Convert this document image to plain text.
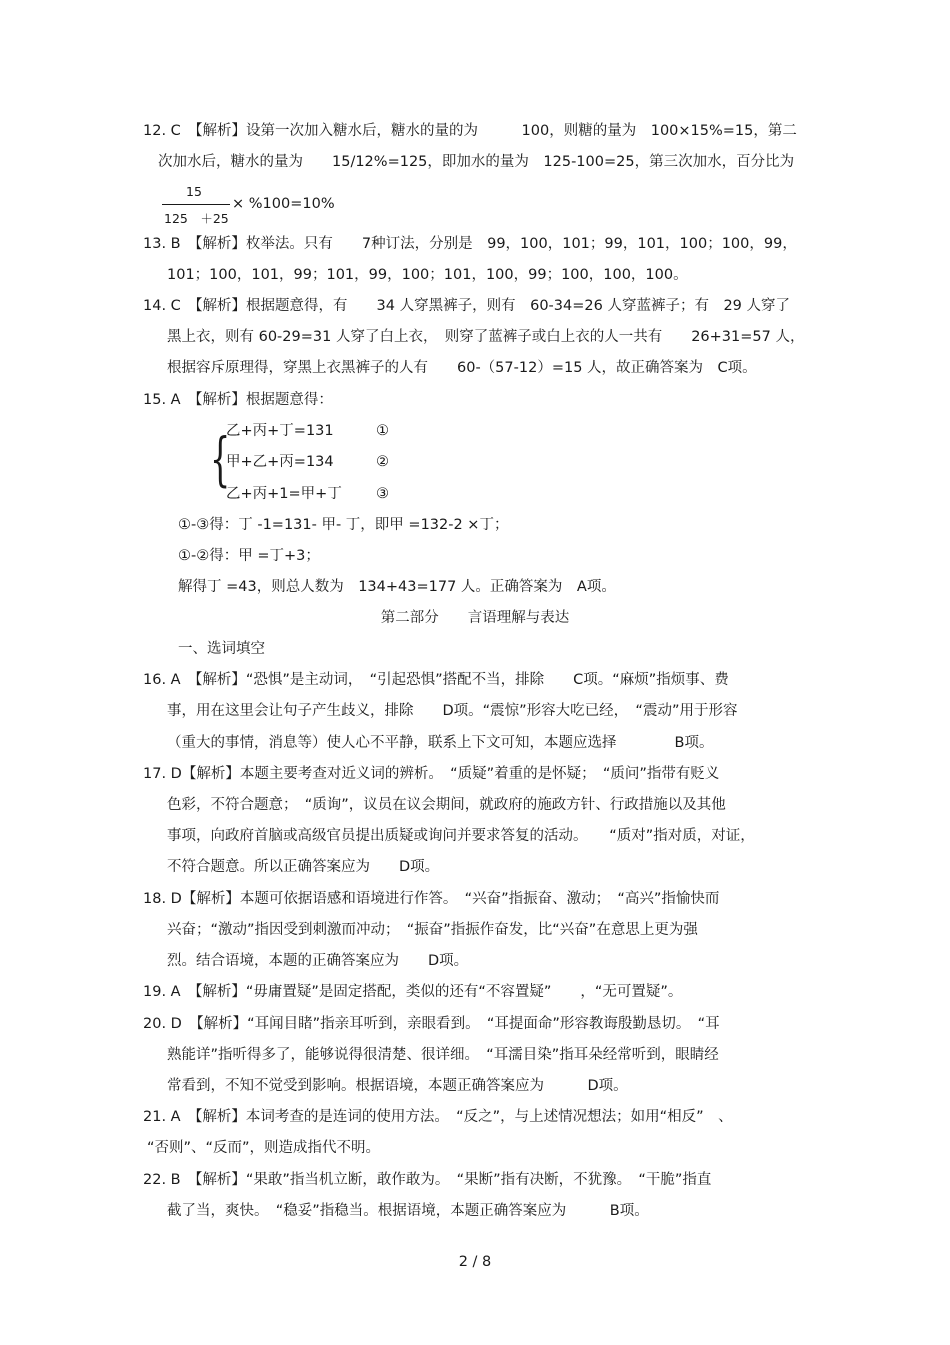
12. C　【解析】设第一次加入糖水后，糖水的量的为　　　100，则糖的量为　100×15%=15，第二
次加水后，糖水的量为　　15/12%=125，即加水的量为　125-100=25，第三次加水，百分比为
15
125　＋25
× %100=10%
13. B　【解析】枚举法。只有　　7种订法，分别是　99，100，101；99，101，100；100，99，
101；100，101，99；101，99，100；101，100，99；100，100，100。
14. C　【解析】根据题意得，有　　34 人穿黑裤子，则有　60-34=26 人穿蓝裤子；有　29 人穿了
黑上衣，则有 60-29=31 人穿了白上衣，　则穿了蓝裤子或白上衣的人一共有　　26+31=57 人，
根据容斥原理得，穿黑上衣黑裤子的人有　　60-（57-12）=15 人，故正确答案为　C项。
15. A　【解析】根据题意得：
{
乙+丙+丁=131	①
甲+乙+丙=134	②
乙+丙+1=甲+丁 ③
①-③得：丁 -1=131- 甲- 丁，即甲 =132-2 ×丁；
①-②得：甲 =丁+3；
解得丁 =43，则总人数为　134+43=177 人。正确答案为　A项。
第二部分　　言语理解与表达
一、选词填空
16. A　【解析】“恐惧”是主动词，　“引起恐惧”搭配不当，排除　　C项。“麻烦”指烦事、费
事，用在这里会让句子产生歧义，排除　　D项。“震惊”形容大吃已经，　“震动”用于形容
（重大的事情，消息等）使人心不平静，联系上下文可知，本题应选择　　　　B项。
17. D【解析】本题主要考查对近义词的辨析。　“质疑”着重的是怀疑；　“质问”指带有贬义
色彩，不符合题意；　“质询”，议员在议会期间，就政府的施政方针、行政措施以及其他
事项，向政府首脑或高级官员提出质疑或询问并要求答复的活动。　　“质对”指对质，对证，
不符合题意。所以正确答案应为　　D项。
18. D【解析】本题可依据语感和语境进行作答。　“兴奋”指振奋、激动；　“高兴”指愉快而
兴奋；“激动”指因受到刺激而冲动；　“振奋”指振作奋发，比“兴奋”在意思上更为强
烈。结合语境，本题的正确答案应为　　D项。
19. A　【解析】“毋庸置疑”是固定搭配，类似的还有“不容置疑”　　，“无可置疑”。
20. D　【解析】“耳闻目睹”指亲耳听到，亲眼看到。　“耳提面命”形容教诲殷勤恳切。　“耳
熟能详”指听得多了，能够说得很清楚、很详细。　“耳濡目染”指耳朵经常听到，眼睛经
常看到，不知不觉受到影响。根据语境，本题正确答案应为　　　D项。
21. A　【解析】本词考查的是连词的使用方法。　“反之”，与上述情况想法；如用“相反”　、
“否则”、“反而”，则造成指代不明。
22. B　【解析】“果敢”指当机立断，敢作敢为。　“果断”指有决断，不犹豫。　“干脆”指直
截了当，爽快。　“稳妥”指稳当。根据语境，本题正确答案应为　　　B项。
2 / 8
